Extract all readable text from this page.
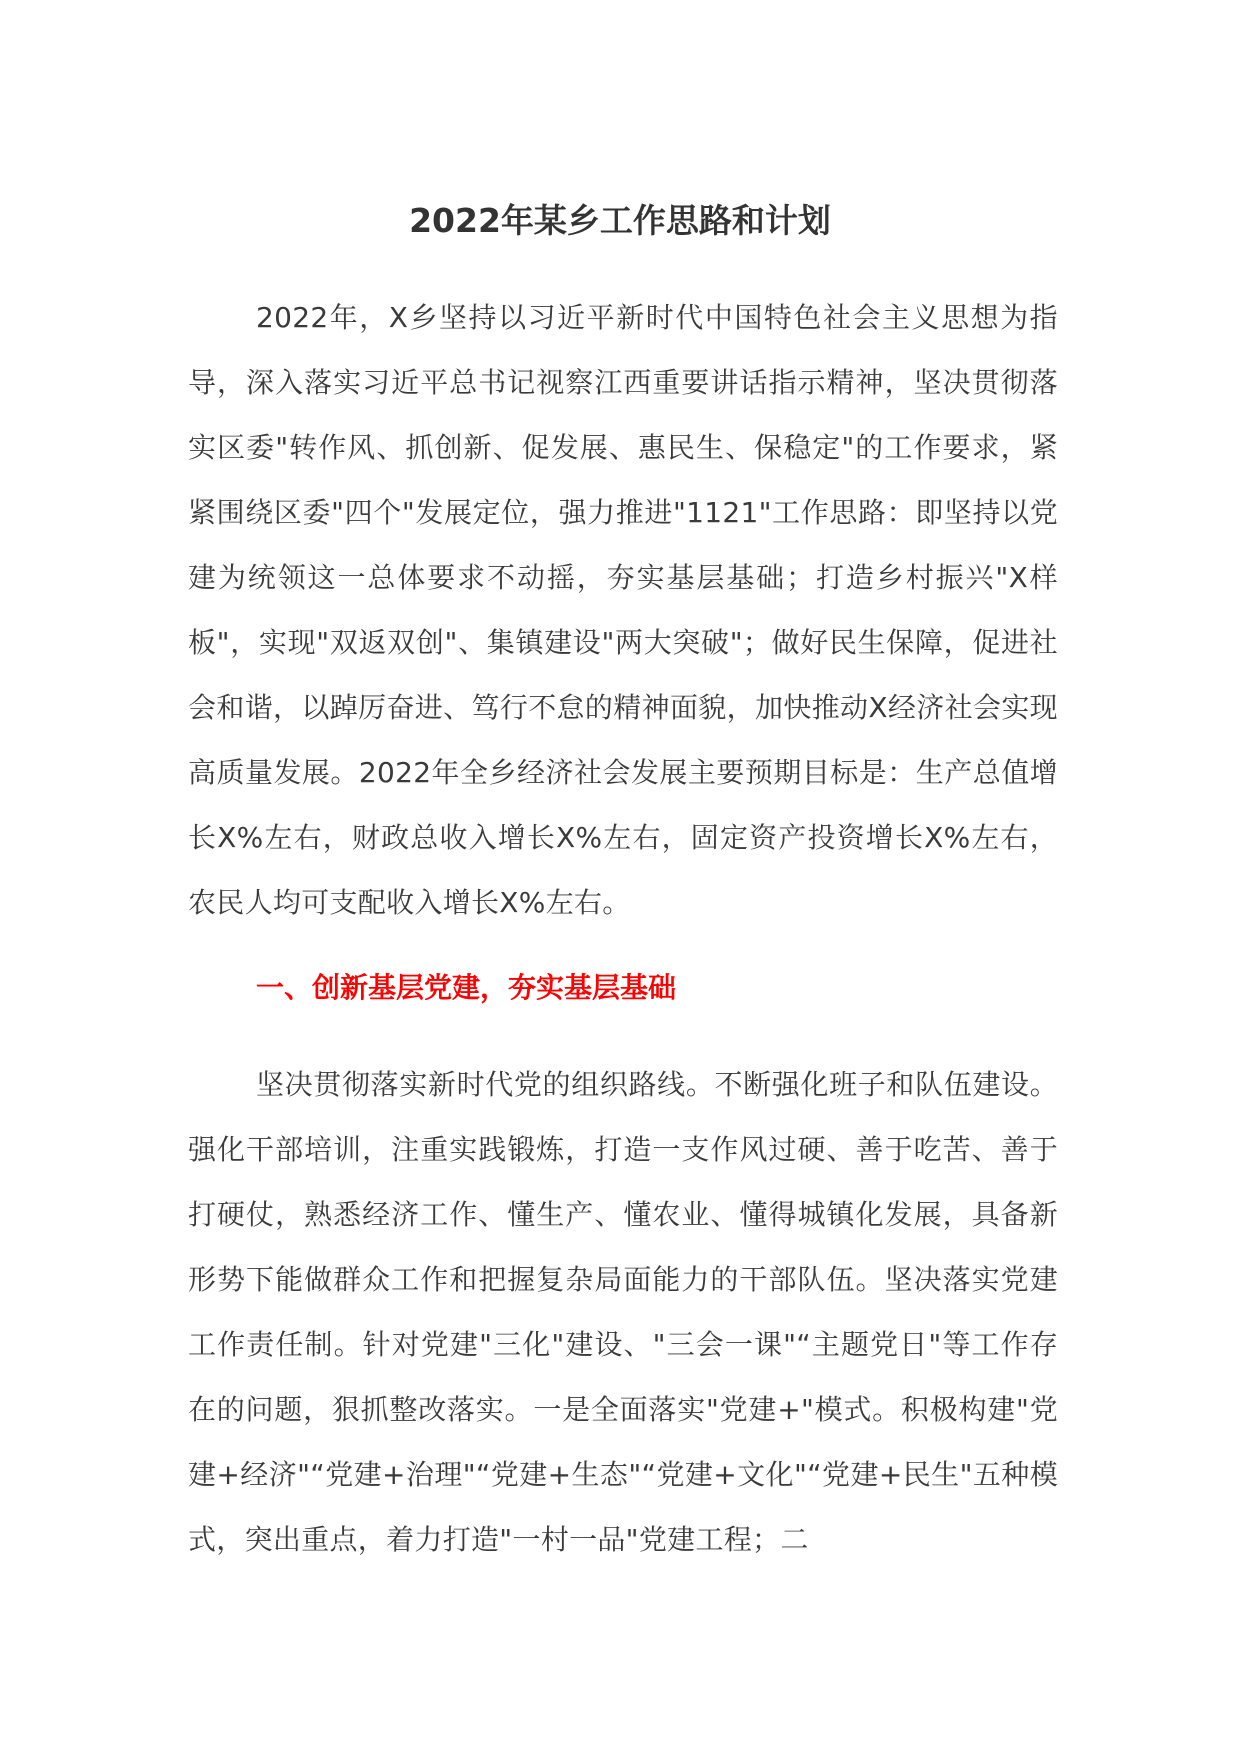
2022年某乡工作思路和计划

2022年，X乡坚持以习近平新时代中国特色社会主义思想为指导，深入落实习近平总书记视察江西重要讲话指示精神，坚决贯彻落实区委"转作风、抓创新、促发展、惠民生、保稳定"的工作要求，紧紧围绕区委"四个"发展定位，强力推进"1121"工作思路：即坚持以党建为统领这一总体要求不动摇，夯实基层基础；打造乡村振兴"X样板"，实现"双返双创"、集镇建设"两大突破"；做好民生保障，促进社会和谐，以踔厉奋进、笃行不怠的精神面貌，加快推动X经济社会实现高质量发展。2022年全乡经济社会发展主要预期目标是：生产总值增长X%左右，财政总收入增长X%左右，固定资产投资增长X%左右，农民人均可支配收入增长X%左右。

一、创新基层党建，夯实基层基础

坚决贯彻落实新时代党的组织路线。不断强化班子和队伍建设。强化干部培训，注重实践锻炼，打造一支作风过硬、善于吃苦、善于打硬仗，熟悉经济工作、懂生产、懂农业、懂得城镇化发展，具备新形势下能做群众工作和把握复杂局面能力的干部队伍。坚决落实党建工作责任制。针对党建"三化"建设、"三会一课"“主题党日"等工作存在的问题，狠抓整改落实。一是全面落实"党建+"模式。积极构建"党建+经济"“党建+治理"“党建+生态"“党建+文化"“党建+民生"五种模式，突出重点，着力打造"一村一品"党建工程；二
